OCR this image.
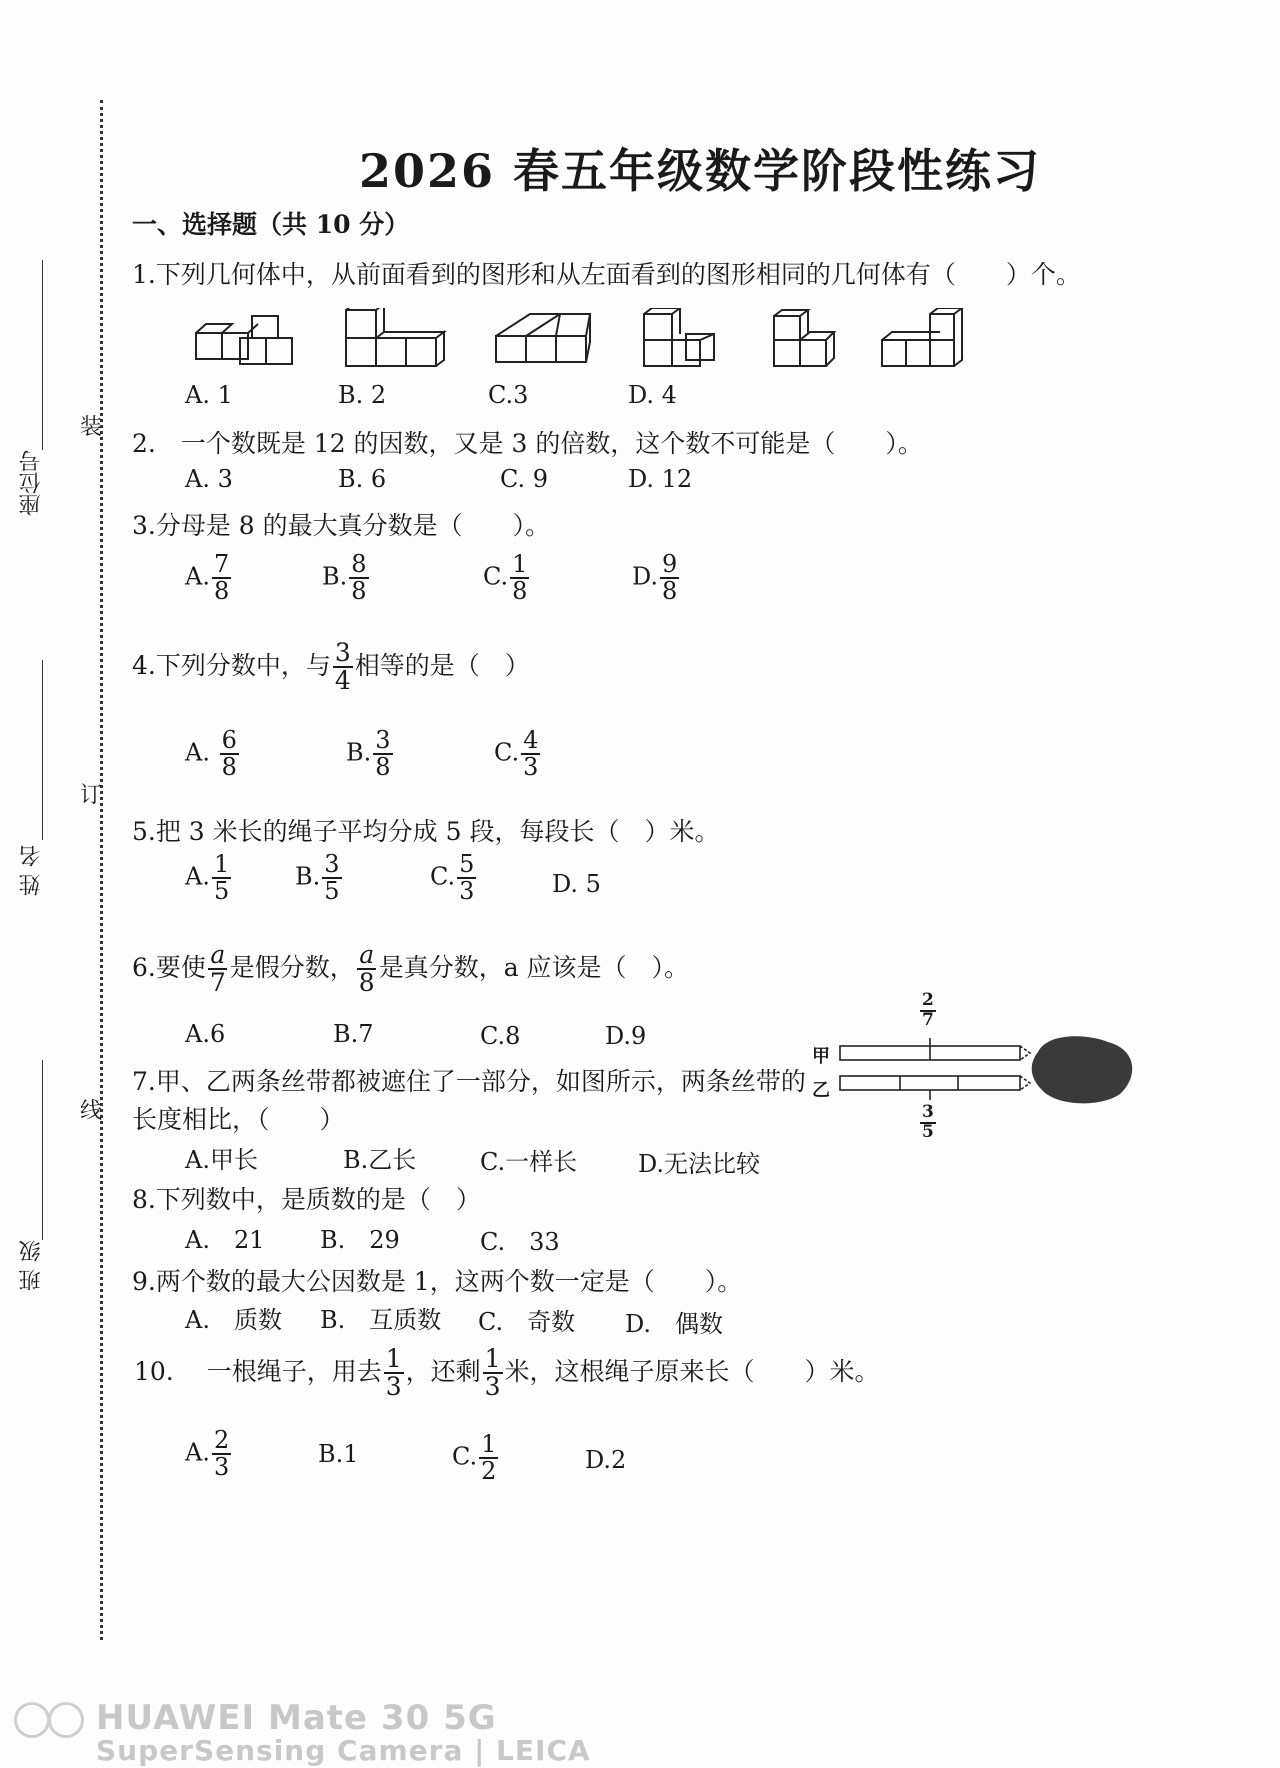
装
订
线
座位号
姓 名
班 级
2026 春五年级数学阶段性练习
一、选择题（共 10 分）
1.下列几何体中，从前面看到的图形和从左面看到的图形相同的几何体有（　　）个。
A. 1	B. 2	C.3	D. 4
2.　一个数既是 12 的因数，又是 3 的倍数，这个数不可能是（　　）。
A. 3	B. 6	C. 9	D. 12
3.分母是 8 的最大真分数是（　　）。
A. $\frac{7}{8}$	B. $\frac{8}{8}$	C. $\frac{1}{8}$	D. $\frac{9}{8}$
4.下列分数中，与 $\frac{3}{4}$ 相等的是（　）
A. $\frac{6}{8}$	B. $\frac{3}{8}$	C. $\frac{4}{3}$
5.把 3 米长的绳子平均分成 5 段，每段长（　）米。
A. $\frac{1}{5}$	B. $\frac{3}{5}$	C. $\frac{5}{3}$	D. 5
6.要使 $\frac{a}{7}$ 是假分数， $\frac{a}{8}$ 是真分数，a 应该是（　）。
A.6	B.7	C.8	D.9
7.甲、乙两条丝带都被遮住了一部分，如图所示，两条丝带的
长度相比，（　　）
A.甲长	B.乙长	C.一样长	D.无法比较
甲
乙
$\frac{2}{7}$
$\frac{3}{5}$
8.下列数中，是质数的是（　）
A.　21 B.　29	C.　33
9.两个数的最大公因数是 1，这两个数一定是（　　）。
A.　质数 B.　互质数 C.　奇数 D.　偶数
10.　 一根绳子，用去 $\frac{1}{3}$ ，还剩 $\frac{1}{3}$ 米，这根绳子原来长（　　）米。
A. $\frac{2}{3}$	B.1	C. $\frac{1}{2}$	D.2
HUAWEI Mate 30 5G
SuperSensing Camera | LEICA
